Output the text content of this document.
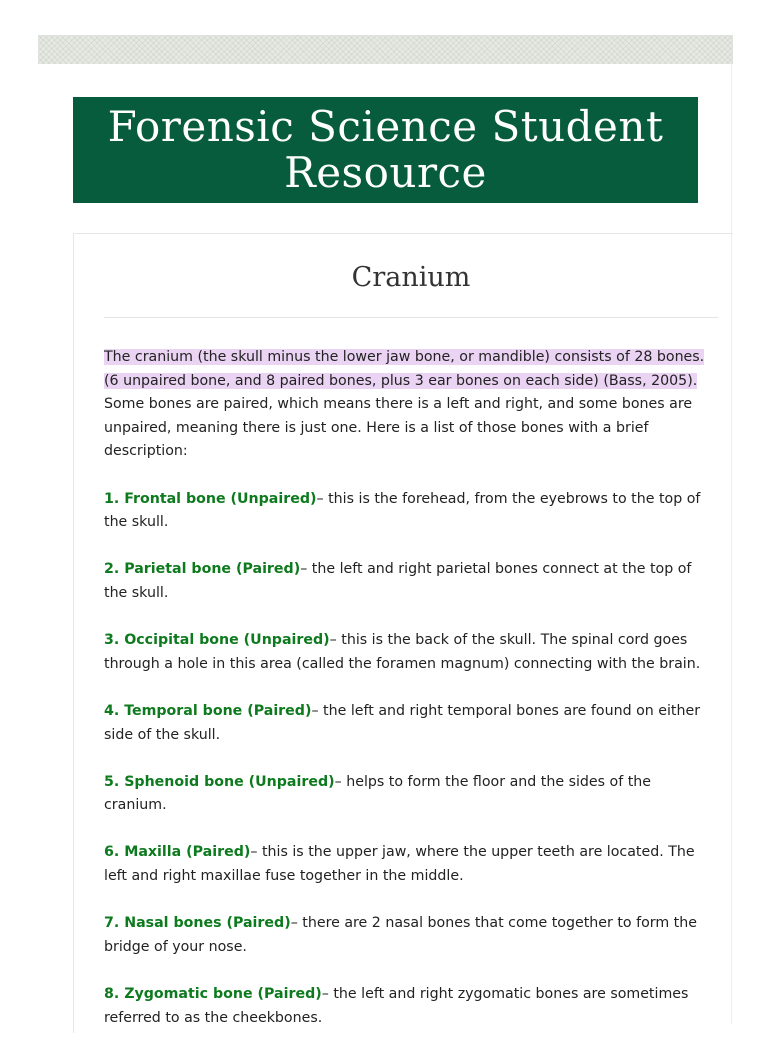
Forensic Science Student
Resource
Cranium

The cranium (the skull minus the lower jaw bone, or mandible) consists of 28 bones. (6 unpaired bone, and 8 paired bones, plus 3 ear bones on each side) (Bass, 2005). Some bones are paired, which means there is a left and right, and some bones are unpaired, meaning there is just one. Here is a list of those bones with a brief description:

1. Frontal bone (Unpaired)– this is the forehead, from the eyebrows to the top of the skull.

2. Parietal bone (Paired)– the left and right parietal bones connect at the top of the skull.

3. Occipital bone (Unpaired)– this is the back of the skull. The spinal cord goes through a hole in this area (called the foramen magnum) connecting with the brain.

4. Temporal bone (Paired)– the left and right temporal bones are found on either side of the skull.

5. Sphenoid bone (Unpaired)– helps to form the floor and the sides of the cranium.

6. Maxilla (Paired)– this is the upper jaw, where the upper teeth are located. The left and right maxillae fuse together in the middle.

7. Nasal bones (Paired)– there are 2 nasal bones that come together to form the bridge of your nose.

8. Zygomatic bone (Paired)– the left and right zygomatic bones are sometimes referred to as the cheekbones.
